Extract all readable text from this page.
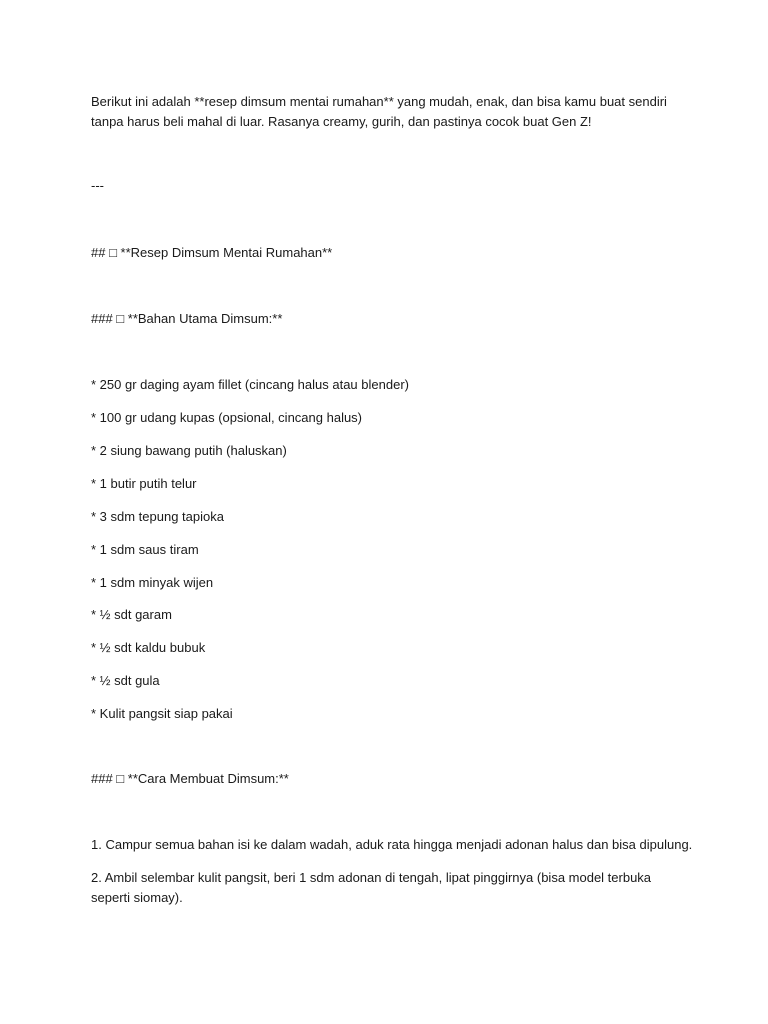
Berikut ini adalah **resep dimsum mentai rumahan** yang mudah, enak, dan bisa kamu buat sendiri tanpa harus beli mahal di luar. Rasanya creamy, gurih, dan pastinya cocok buat Gen Z!
---
## □ **Resep Dimsum Mentai Rumahan**
### □ **Bahan Utama Dimsum:**
* 250 gr daging ayam fillet (cincang halus atau blender)
* 100 gr udang kupas (opsional, cincang halus)
* 2 siung bawang putih (haluskan)
* 1 butir putih telur
* 3 sdm tepung tapioka
* 1 sdm saus tiram
* 1 sdm minyak wijen
* ½ sdt garam
* ½ sdt kaldu bubuk
* ½ sdt gula
* Kulit pangsit siap pakai
### □ **Cara Membuat Dimsum:**
1. Campur semua bahan isi ke dalam wadah, aduk rata hingga menjadi adonan halus dan bisa dipulung.
2. Ambil selembar kulit pangsit, beri 1 sdm adonan di tengah, lipat pinggirnya (bisa model terbuka seperti siomay).
